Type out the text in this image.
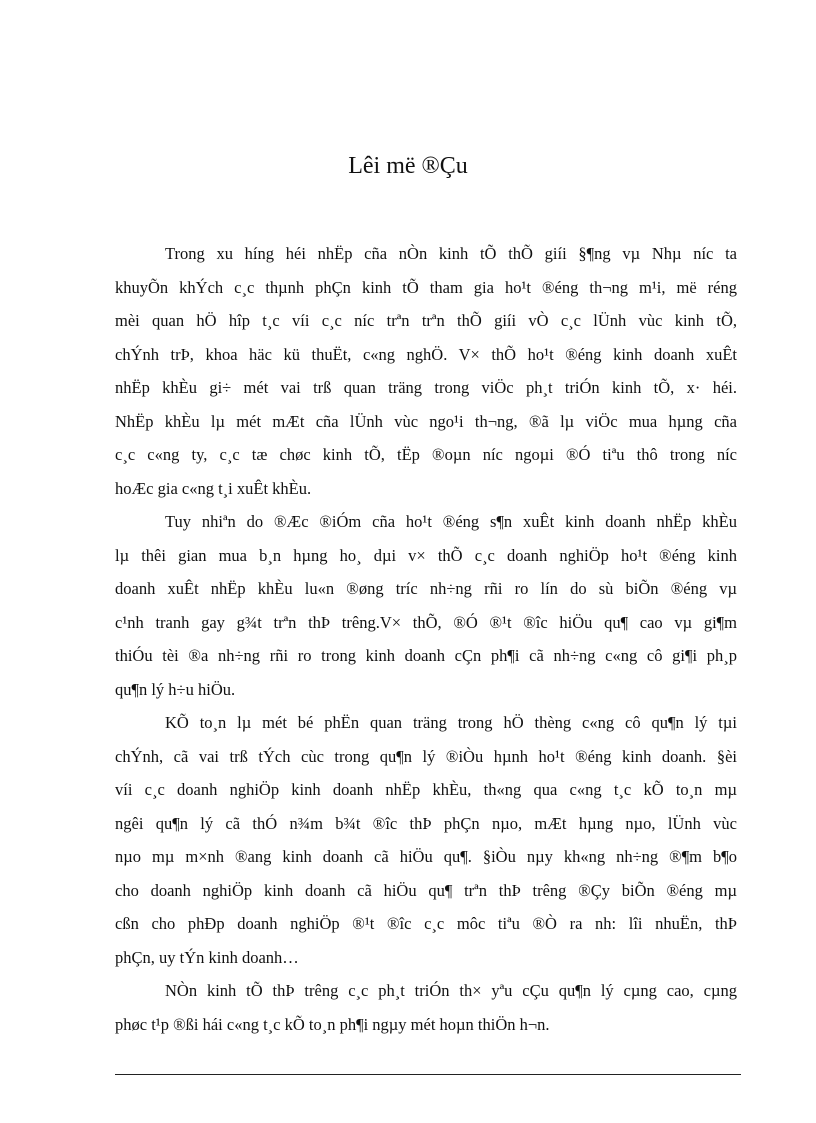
Lêi më ®Çu

Trong xu híng héi nhËp cña nÒn kinh tÕ thÕ giíi §¶ng vµ Nhµ níc ta
khuyÕn khÝch c¸c thµnh phÇn kinh tÕ tham gia ho¹t ®éng th¬ng m¹i, më réng
mèi quan hÖ hîp t¸c víi c¸c níc trªn trªn thÕ giíi vÒ c¸c lÜnh vùc kinh tÕ,
chÝnh trÞ, khoa häc kü thuËt, c«ng nghÖ. V× thÕ ho¹t ®éng kinh doanh xuÊt
nhËp khÈu gi÷ mét vai trß quan träng trong viÖc ph¸t triÓn kinh tÕ, x· héi.
NhËp khÈu lµ mét mÆt cña lÜnh vùc ngo¹i th¬ng, ®ã lµ viÖc mua hµng cña
c¸c c«ng ty, c¸c tæ chøc kinh tÕ, tËp ®oµn níc ngoµi ®Ó tiªu thô trong níc
hoÆc gia c«ng t¸i xuÊt khÈu.

Tuy nhiªn do ®Æc ®iÓm cña ho¹t ®éng s¶n xuÊt kinh doanh nhËp khÈu
lµ thêi gian mua b¸n hµng ho¸ dµi v× thÕ c¸c doanh nghiÖp ho¹t ®éng kinh
doanh xuÊt nhËp khÈu lu«n ®øng tríc nh÷ng rñi ro lín do sù biÕn ®éng vµ
c¹nh tranh gay g¾t trªn thÞ trêng.V× thÕ, ®Ó ®¹t ®îc hiÖu qu¶ cao vµ gi¶m
thiÓu tèi ®a nh÷ng rñi ro trong kinh doanh cÇn ph¶i cã nh÷ng c«ng cô gi¶i ph¸p
qu¶n lý h÷u hiÖu.

KÕ to¸n lµ mét bé phËn quan träng trong hÖ thèng c«ng cô qu¶n lý tµi
chÝnh, cã vai trß tÝch cùc trong qu¶n lý ®iÒu hµnh ho¹t ®éng kinh doanh. §èi
víi c¸c doanh nghiÖp kinh doanh nhËp khÈu, th«ng qua c«ng t¸c kÕ to¸n mµ
ngêi qu¶n lý cã thÓ n¾m b¾t ®îc thÞ phÇn nµo, mÆt hµng nµo, lÜnh vùc
nµo mµ m×nh ®ang kinh doanh cã hiÖu qu¶. §iÒu nµy kh«ng nh÷ng ®¶m b¶o
cho doanh nghiÖp kinh doanh cã hiÖu qu¶ trªn thÞ trêng ®Çy biÕn ®éng mµ
cßn cho phÐp doanh nghiÖp ®¹t ®îc c¸c môc tiªu ®Ò ra nh: lîi nhuËn, thÞ
phÇn, uy tÝn kinh doanh…

NÒn kinh tÕ thÞ trêng c¸c ph¸t triÓn th× yªu cÇu qu¶n lý cµng cao, cµng
phøc t¹p ®ßi hái c«ng t¸c kÕ to¸n ph¶i ngµy mét hoµn thiÖn h¬n.
